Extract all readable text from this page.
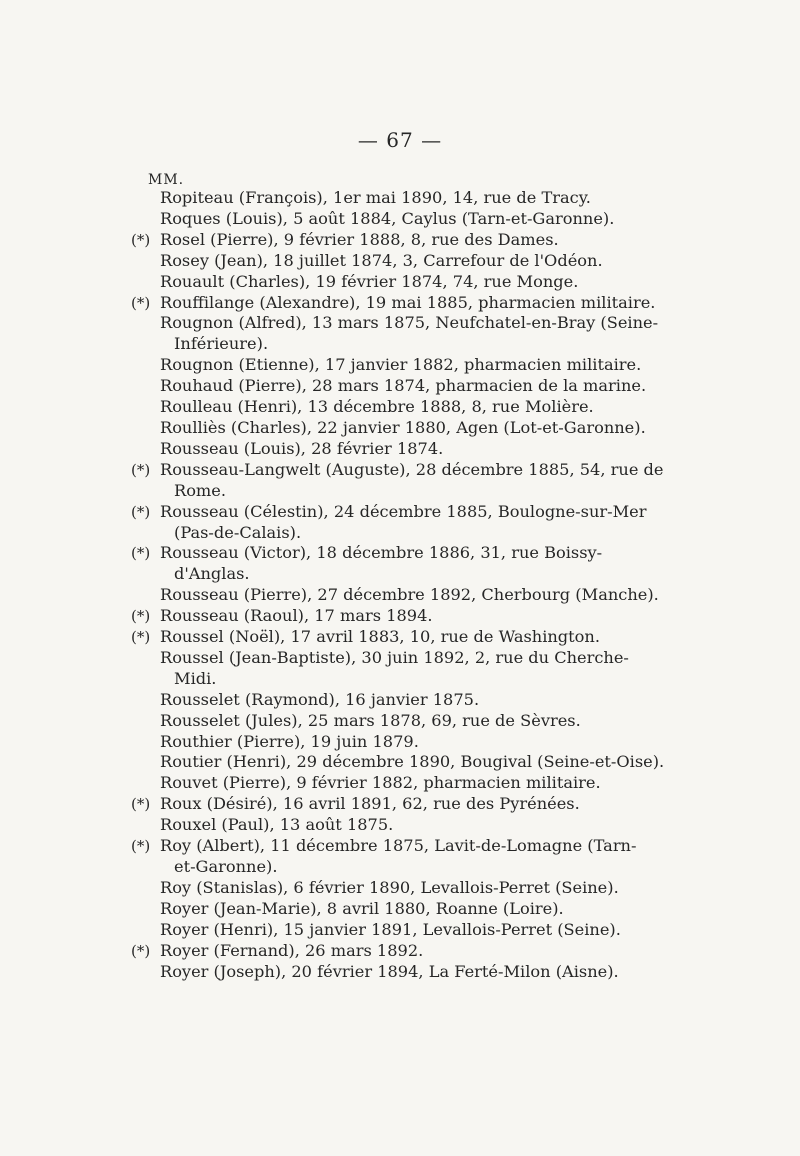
— 67 —
MM.
Ropiteau (François), 1er mai 1890, 14, rue de Tracy.
Roques (Louis), 5 août 1884, Caylus (Tarn-et-Garonne).
(*) Rosel (Pierre), 9 février 1888, 8, rue des Dames.
Rosey (Jean), 18 juillet 1874, 3, Carrefour de l'Odéon.
Rouault (Charles), 19 février 1874, 74, rue Monge.
(*) Rouffilange (Alexandre), 19 mai 1885, pharmacien militaire.
Rougnon (Alfred), 13 mars 1875, Neufchatel-en-Bray (Seine-
Inférieure).
Rougnon (Etienne), 17 janvier 1882, pharmacien militaire.
Rouhaud (Pierre), 28 mars 1874, pharmacien de la marine.
Roulleau (Henri), 13 décembre 1888, 8, rue Molière.
Roulliès (Charles), 22 janvier 1880, Agen (Lot-et-Garonne).
Rousseau (Louis), 28 février 1874.
(*) Rousseau-Langwelt (Auguste), 28 décembre 1885, 54, rue de
Rome.
(*) Rousseau (Célestin), 24 décembre 1885, Boulogne-sur-Mer
(Pas-de-Calais).
(*) Rousseau (Victor), 18 décembre 1886, 31, rue Boissy-
d'Anglas.
Rousseau (Pierre), 27 décembre 1892, Cherbourg (Manche).
(*) Rousseau (Raoul), 17 mars 1894.
(*) Roussel (Noël), 17 avril 1883, 10, rue de Washington.
Roussel (Jean-Baptiste), 30 juin 1892, 2, rue du Cherche-
Midi.
Rousselet (Raymond), 16 janvier 1875.
Rousselet (Jules), 25 mars 1878, 69, rue de Sèvres.
Routhier (Pierre), 19 juin 1879.
Routier (Henri), 29 décembre 1890, Bougival (Seine-et-Oise).
Rouvet (Pierre), 9 février 1882, pharmacien militaire.
(*) Roux (Désiré), 16 avril 1891, 62, rue des Pyrénées.
Rouxel (Paul), 13 août 1875.
(*) Roy (Albert), 11 décembre 1875, Lavit-de-Lomagne (Tarn-
et-Garonne).
Roy (Stanislas), 6 février 1890, Levallois-Perret (Seine).
Royer (Jean-Marie), 8 avril 1880, Roanne (Loire).
Royer (Henri), 15 janvier 1891, Levallois-Perret (Seine).
(*) Royer (Fernand), 26 mars 1892.
Royer (Joseph), 20 février 1894, La Ferté-Milon (Aisne).
